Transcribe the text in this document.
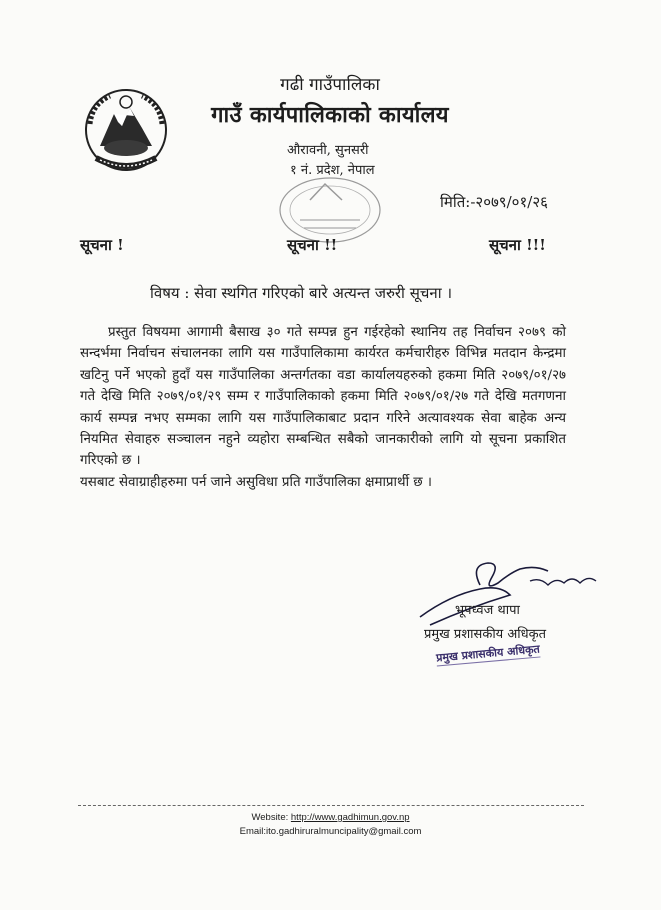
गढी गाउँपालिका
गाउँ कार्यपालिकाको कार्यालय
औरावनी, सुनसरी
१ नं. प्रदेश, नेपाल
मिति:-२०७९/०१/२६
सूचना !	सूचना !!	सूचना !!!
विषय : सेवा स्थगित गरिएको बारे अत्यन्त जरुरी सूचना ।

प्रस्तुत विषयमा आगामी बैसाख ३० गते सम्पन्न हुन गईरहेको स्थानिय तह निर्वाचन २०७९ को सन्दर्भमा निर्वाचन संचालनका लागि यस गाउँपालिकामा कार्यरत कर्मचारीहरु विभिन्न मतदान केन्द्रमा खटिनु पर्ने भएको हुदाँ यस गाउँपालिका अन्तर्गतका वडा कार्यालयहरुको हकमा मिति २०७९/०१/२७ गते देखि मिति २०७९/०१/२९ सम्म र गाउँपालिकाको हकमा मिति २०७९/०१/२७ गते देखि मतगणना कार्य सम्पन्न नभए सम्मका लागि यस गाउँपालिकाबाट प्रदान गरिने अत्यावश्यक सेवा बाहेक अन्य नियमित सेवाहरु सञ्चालन नहुने व्यहोरा सम्बन्धित सबैको जानकारीको लागि यो सूचना प्रकाशित गरिएको छ ।

यसबाट सेवाग्राहीहरुमा पर्न जाने असुविधा प्रति गाउँपालिका क्षमाप्रार्थी छ ।

भूपध्वज थापा
प्रमुख प्रशासकीय अधिकृत
प्रमुख प्रशासकीय अधिकृत
Website: http://www.gadhimun.gov.np
Email:ito.gadhiruralmuncipality@gmail.com
